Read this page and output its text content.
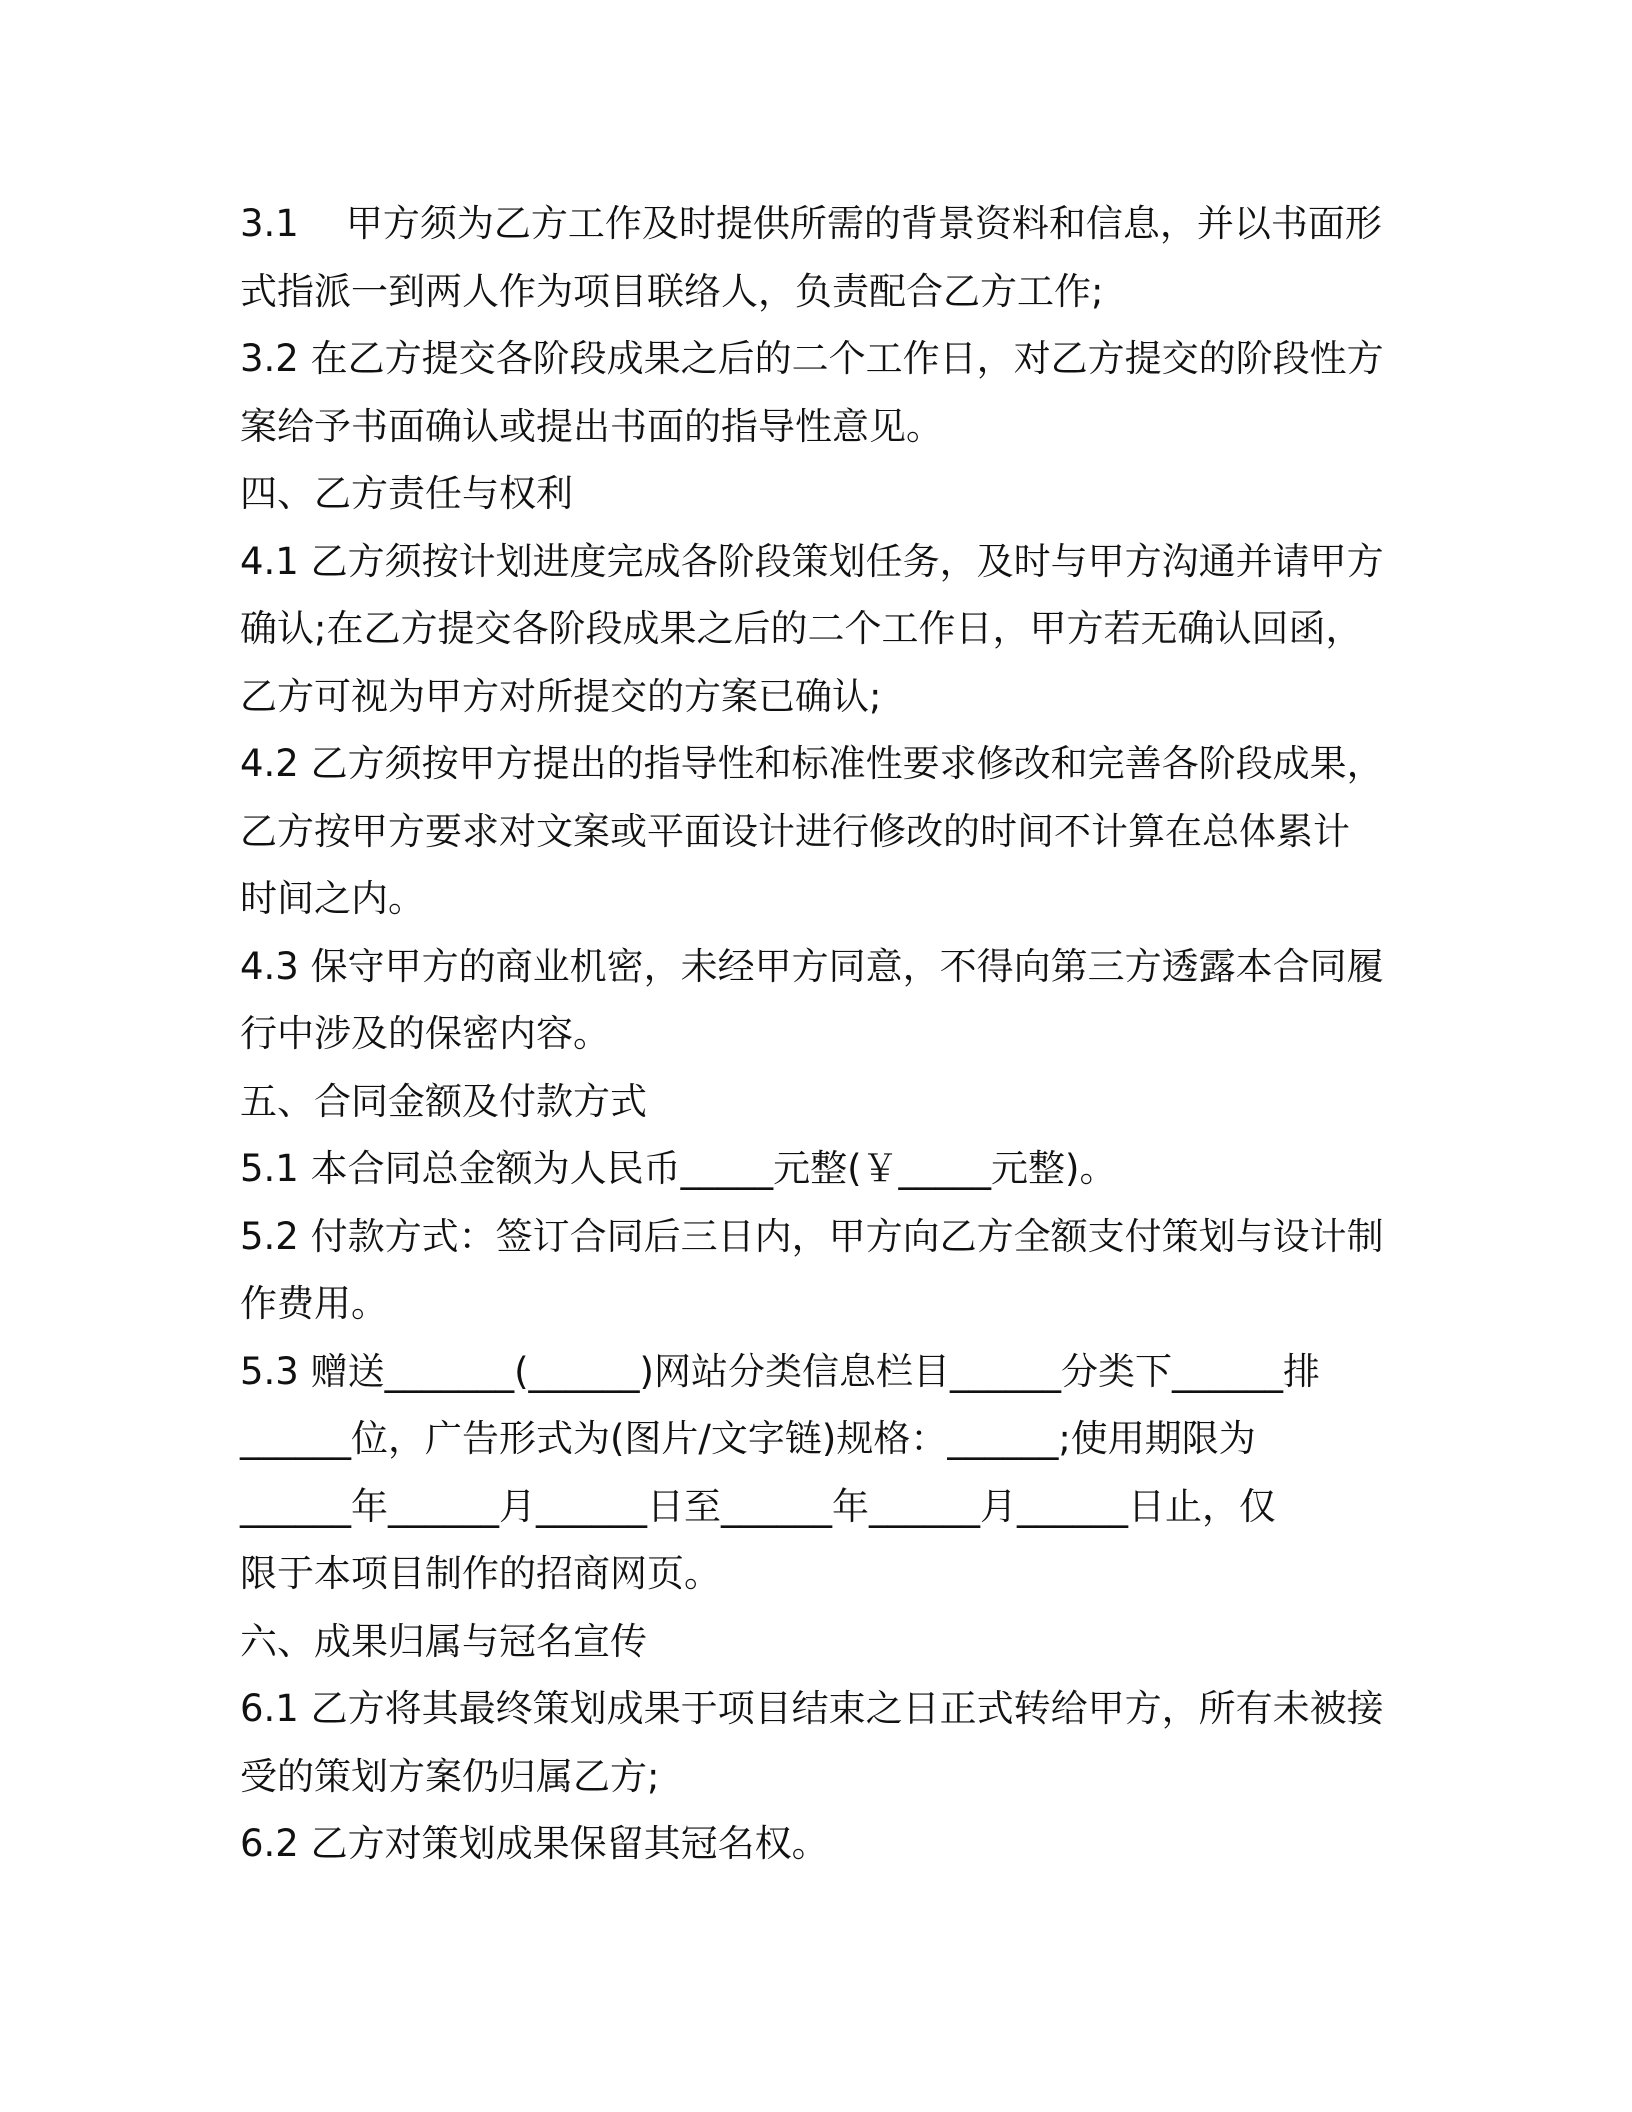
3.1    甲方须为乙方工作及时提供所需的背景资料和信息，并以书面形
式指派一到两人作为项目联络人，负责配合乙方工作;
3.2 在乙方提交各阶段成果之后的二个工作日，对乙方提交的阶段性方
案给予书面确认或提出书面的指导性意见。
四、乙方责任与权利
4.1 乙方须按计划进度完成各阶段策划任务，及时与甲方沟通并请甲方
确认;在乙方提交各阶段成果之后的二个工作日，甲方若无确认回函，
乙方可视为甲方对所提交的方案已确认;
4.2 乙方须按甲方提出的指导性和标准性要求修改和完善各阶段成果，
乙方按甲方要求对文案或平面设计进行修改的时间不计算在总体累计
时间之内。
4.3 保守甲方的商业机密，未经甲方同意，不得向第三方透露本合同履
行中涉及的保密内容。
五、合同金额及付款方式
5.1 本合同总金额为人民币_____元整(￥_____元整)。
5.2 付款方式：签订合同后三日内，甲方向乙方全额支付策划与设计制
作费用。
5.3 赠送_______(______)网站分类信息栏目______分类下______排
______位，广告形式为(图片/文字链)规格：______;使用期限为
______年______月______日至______年______月______日止，仅
限于本项目制作的招商网页。
六、成果归属与冠名宣传
6.1 乙方将其最终策划成果于项目结束之日正式转给甲方，所有未被接
受的策划方案仍归属乙方;
6.2 乙方对策划成果保留其冠名权。
